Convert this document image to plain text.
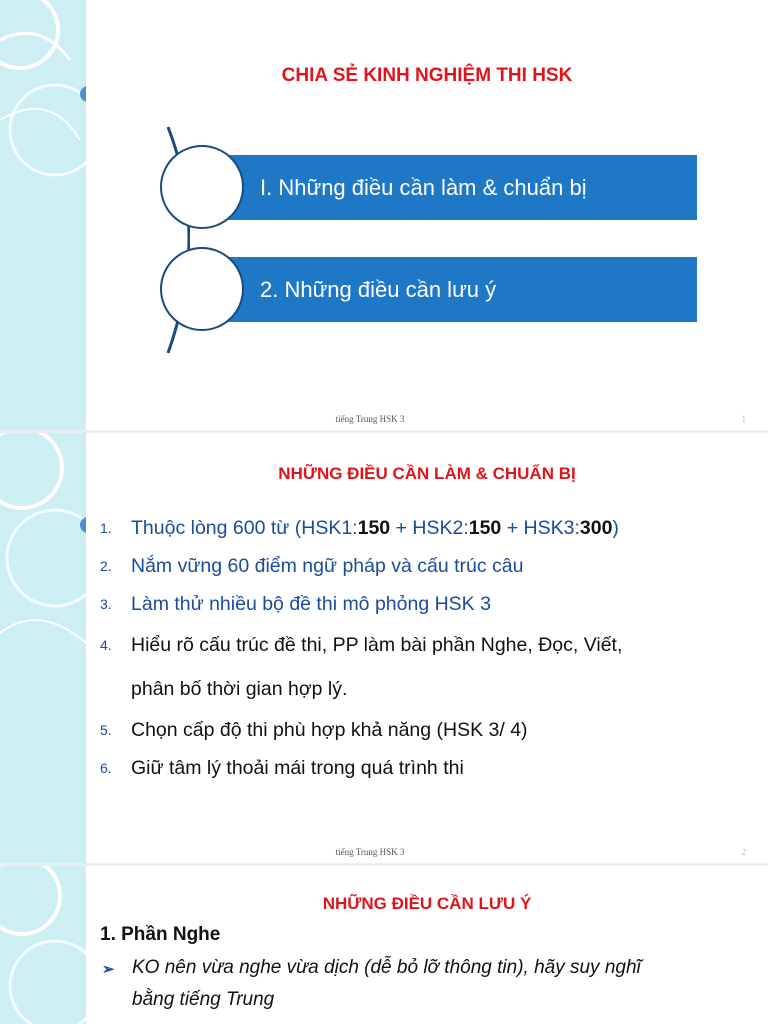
CHIA SẺ KINH NGHIỆM THI HSK
I. Những điều cần làm & chuẩn bị
2. Những điều cần lưu ý
tiếng Trung HSK 3	1
NHỮNG ĐIỀU CẦN LÀM & CHUẨN BỊ
1. Thuộc lòng 600 từ (HSK1:150 + HSK2:150 + HSK3:300)
2. Nắm vững 60 điểm ngữ pháp và cấu trúc câu
3. Làm thử nhiều bộ đề thi mô phỏng HSK 3
4. Hiểu rõ cấu trúc đề thi, PP làm bài phần Nghe, Đọc, Viết,
phân bố thời gian hợp lý.
5. Chọn cấp độ thi phù hợp khả năng (HSK 3/ 4)
6. Giữ tâm lý thoải mái trong quá trình thi
tiếng Trung HSK 3	2
NHỮNG ĐIỀU CẦN LƯU Ý
1. Phần Nghe
➢ KO nên vừa nghe vừa dịch (dễ bỏ lỡ thông tin), hãy suy nghĩ
bằng tiếng Trung
